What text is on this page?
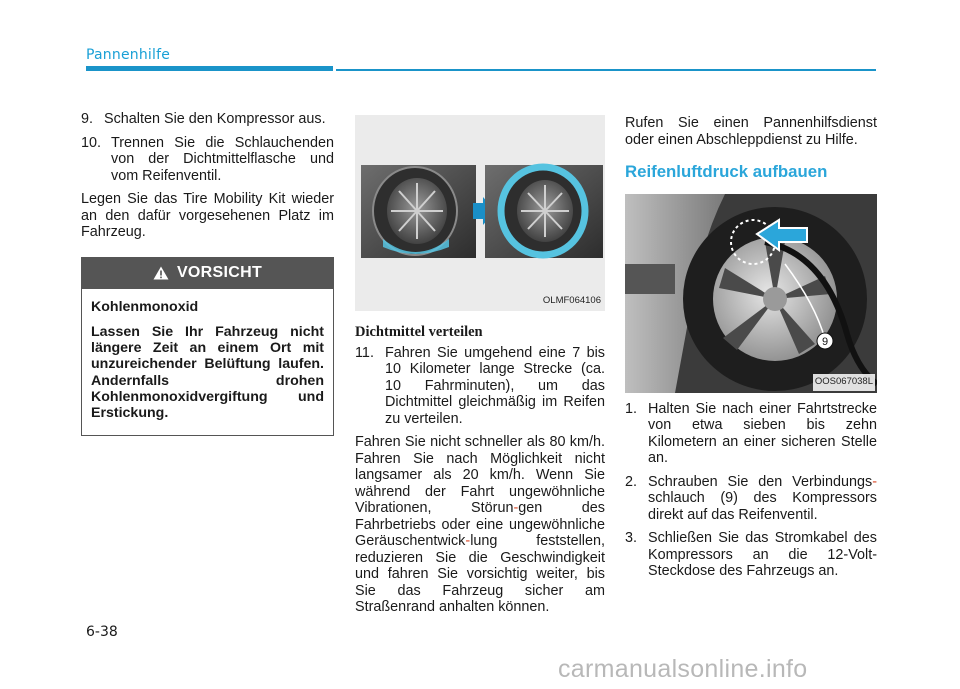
Pannenhilfe
9. Schalten Sie den Kompressor aus.
10. Trennen Sie die Schlauchenden von der Dichtmittelflasche und vom Reifenventil.

Legen Sie das Tire Mobility Kit wieder an den dafür vorgesehenen Platz im Fahrzeug.

VORSICHT
Kohlenmonoxid
Lassen Sie Ihr Fahrzeug nicht längere Zeit an einem Ort mit unzureichender Belüftung laufen. Andernfalls drohen Kohlenmonoxidvergiftung und Erstickung.
OLMF064106
Dichtmittel verteilen
11. Fahren Sie umgehend eine 7 bis 10 Kilometer lange Strecke (ca. 10 Fahrminuten), um das Dichtmittel gleichmäßig im Reifen zu verteilen.

Fahren Sie nicht schneller als 80 km/h. Fahren Sie nach Möglichkeit nicht langsamer als 20 km/h. Wenn Sie während der Fahrt ungewöhnliche Vibrationen, Störun-gen des Fahrbetriebs oder eine ungewöhnliche Geräuschentwick-lung feststellen, reduzieren Sie die Geschwindigkeit und fahren Sie vorsichtig weiter, bis Sie das Fahrzeug sicher am Straßenrand anhalten können.

Rufen Sie einen Pannenhilfsdienst oder einen Abschleppdienst zu Hilfe.

Reifenluftdruck aufbauen
9
OOS067038L
1. Halten Sie nach einer Fahrtstrecke von etwa sieben bis zehn Kilometern an einer sicheren Stelle an.
2. Schrauben Sie den Verbindungs-schlauch (9) des Kompressors direkt auf das Reifenventil.
3. Schließen Sie das Stromkabel des Kompressors an die 12-Volt-Steckdose des Fahrzeugs an.
6-38
carmanualsonline.info
